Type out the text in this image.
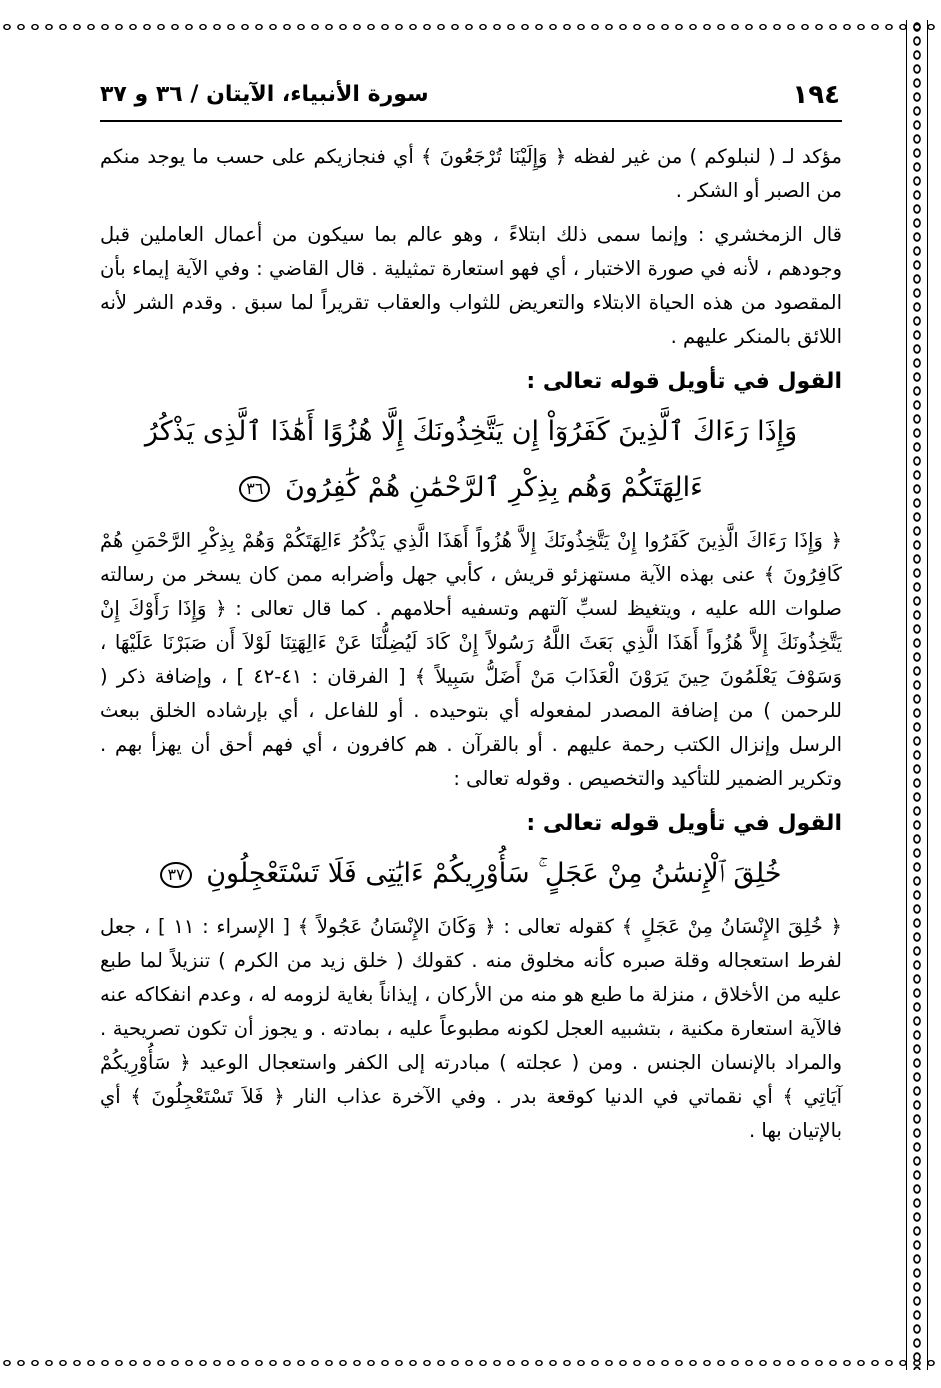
١٩٤
سورة الأنبياء، الآيتان / ٣٦ و ٣٧

مؤكد لـ ( لنبلوكم ) من غير لفظه ﴿ وَإِلَيْنَا تُرْجَعُونَ ﴾ أي فنجازيكم على حسب ما يوجد منكم من الصبر أو الشكر .

قال الزمخشري : وإنما سمى ذلك ابتلاءً ، وهو عالم بما سيكون من أعمال العاملين قبل وجودهم ، لأنه في صورة الاختبار ، أي فهو استعارة تمثيلية . قال القاضي : وفي الآية إيماء بأن المقصود من هذه الحياة الابتلاء والتعريض للثواب والعقاب تقريراً لما سبق . وقدم الشر لأنه اللائق بالمنكر عليهم .

القول في تأويل قوله تعالى :
وَإِذَا رَءَاكَ ٱلَّذِينَ كَفَرُوٓاْ إِن يَتَّخِذُونَكَ إِلَّا هُزُوًا أَهَٰذَا ٱلَّذِى يَذْكُرُ ءَالِهَتَكُمْ وَهُم بِذِكْرِ ٱلرَّحْمَٰنِ هُمْ كَٰفِرُونَ ٣٦

﴿ وَإِذَا رَءَاكَ الَّذِينَ كَفَرُوا إِنْ يَتَّخِذُونَكَ إِلاَّ هُزُواً أَهَذَا الَّذِي يَذْكُرُ ءَالِهَتَكُمْ وَهُمْ بِذِكْرِ الرَّحْمَنِ هُمْ كَافِرُونَ ﴾ عنى بهذه الآية مستهزئو قريش ، كأبي جهل وأضرابه ممن كان يسخر من رسالته صلوات الله عليه ، ويتغيظ لسبِّ آلتهم وتسفيه أحلامهم . كما قال تعالى : ﴿ وَإِذَا رَأَوْكَ إِنْ يَتَّخِذُونَكَ إِلاَّ هُزُواً أَهَذَا الَّذِي بَعَثَ اللَّهُ رَسُولاً إِنْ كَادَ لَيُضِلُّنَا عَنْ ءَالِهَتِنَا لَوْلاَ أَن صَبَرْنَا عَلَيْهَا ، وَسَوْفَ يَعْلَمُونَ حِينَ يَرَوْنَ الْعَذَابَ مَنْ أَضَلُّ سَبِيلاً ﴾ [ الفرقان : ٤١-٤٢ ] ، وإضافة ذكر ( للرحمن ) من إضافة المصدر لمفعوله أي بتوحيده . أو للفاعل ، أي بإرشاده الخلق ببعث الرسل وإنزال الكتب رحمة عليهم . أو بالقرآن . هم كافرون ، أي فهم أحق أن يهزأ بهم . وتكرير الضمير للتأكيد والتخصيص . وقوله تعالى :

القول في تأويل قوله تعالى :
خُلِقَ ٱلْإِنسَٰنُ مِنْ عَجَلٍ ۚ سَأُوْرِيكُمْ ءَايَٰتِى فَلَا تَسْتَعْجِلُونِ ٣٧

﴿ خُلِقَ الإِنْسَانُ مِنْ عَجَلٍ ﴾ كقوله تعالى : ﴿ وَكَانَ الإِنْسَانُ عَجُولاً ﴾ [ الإسراء : ١١ ] ، جعل لفرط استعجاله وقلة صبره كأنه مخلوق منه . كقولك ( خلق زيد من الكرم ) تنزيلاً لما طبع عليه من الأخلاق ، منزلة ما طبع هو منه من الأركان ، إيذاناً بغاية لزومه له ، وعدم انفكاكه عنه فالآية استعارة مكنية ، بتشبيه العجل لكونه مطبوعاً عليه ، بمادته . و يجوز أن تكون تصريحية . والمراد بالإنسان الجنس . ومن ( عجلته ) مبادرته إلى الكفر واستعجال الوعيد ﴿ سَأُوْرِيكُمْ آيَاتِي ﴾ أي نقماتي في الدنيا كوقعة بدر . وفي الآخرة عذاب النار ﴿ فَلاَ تَسْتَعْجِلُونَ ﴾ أي بالإتيان بها .
